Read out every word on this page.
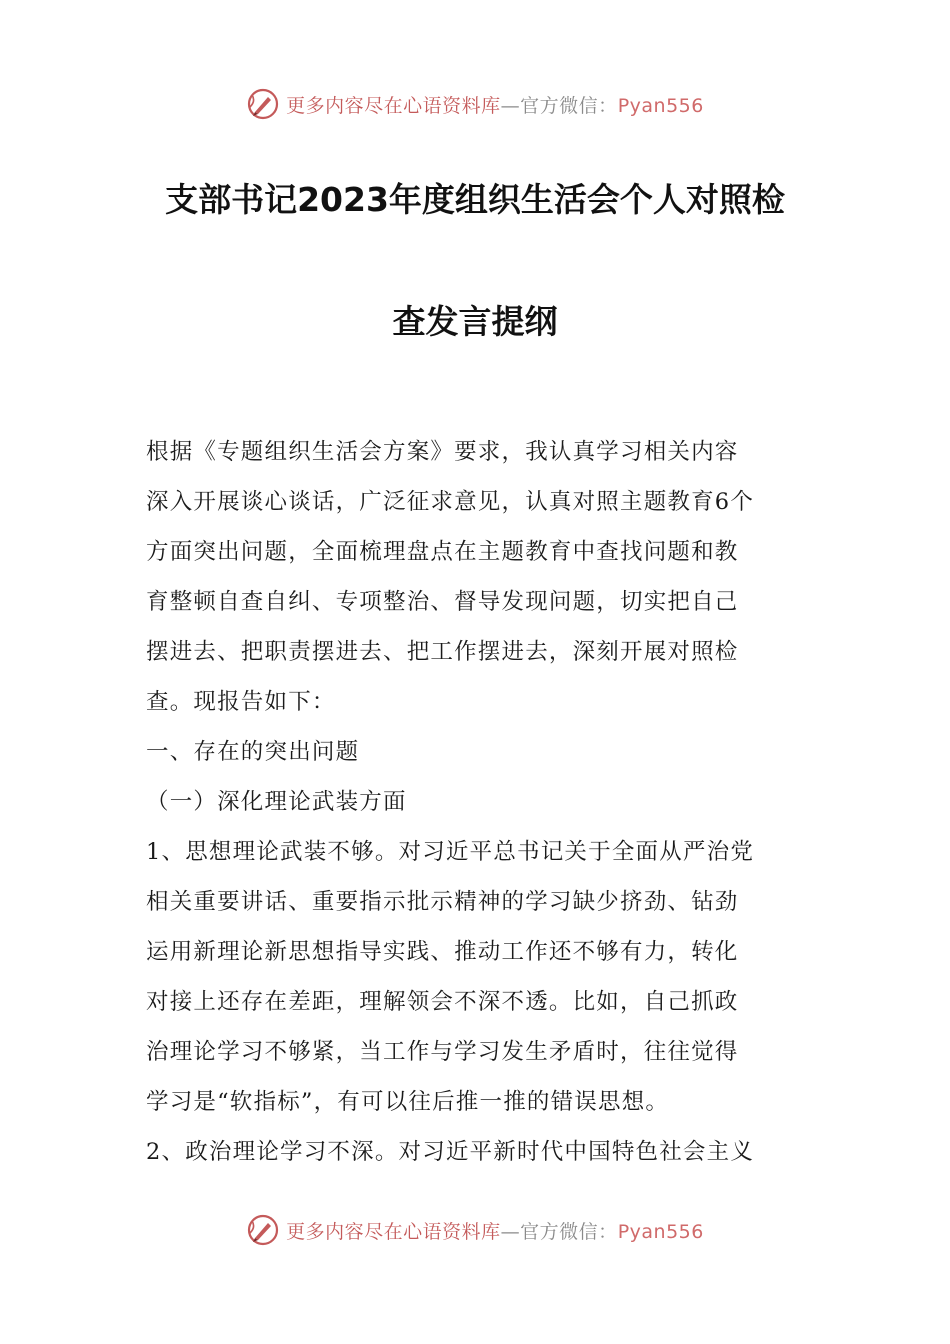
更多内容尽在心语资料库—官方微信：Pyan556
支部书记2023年度组织生活会个人对照检
查发言提纲

根据《专题组织生活会方案》要求，我认真学习相关内容

深入开展谈心谈话，广泛征求意见，认真对照主题教育6个

方面突出问题，全面梳理盘点在主题教育中查找问题和教

育整顿自查自纠、专项整治、督导发现问题，切实把自己

摆进去、把职责摆进去、把工作摆进去，深刻开展对照检

查。现报告如下：

一、存在的突出问题

（一）深化理论武装方面

1、思想理论武装不够。对习近平总书记关于全面从严治党

相关重要讲话、重要指示批示精神的学习缺少挤劲、钻劲

运用新理论新思想指导实践、推动工作还不够有力，转化

对接上还存在差距，理解领会不深不透。比如，自己抓政

治理论学习不够紧，当工作与学习发生矛盾时，往往觉得

学习是“软指标”，有可以往后推一推的错误思想。

2、政治理论学习不深。对习近平新时代中国特色社会主义

更多内容尽在心语资料库—官方微信：Pyan556
